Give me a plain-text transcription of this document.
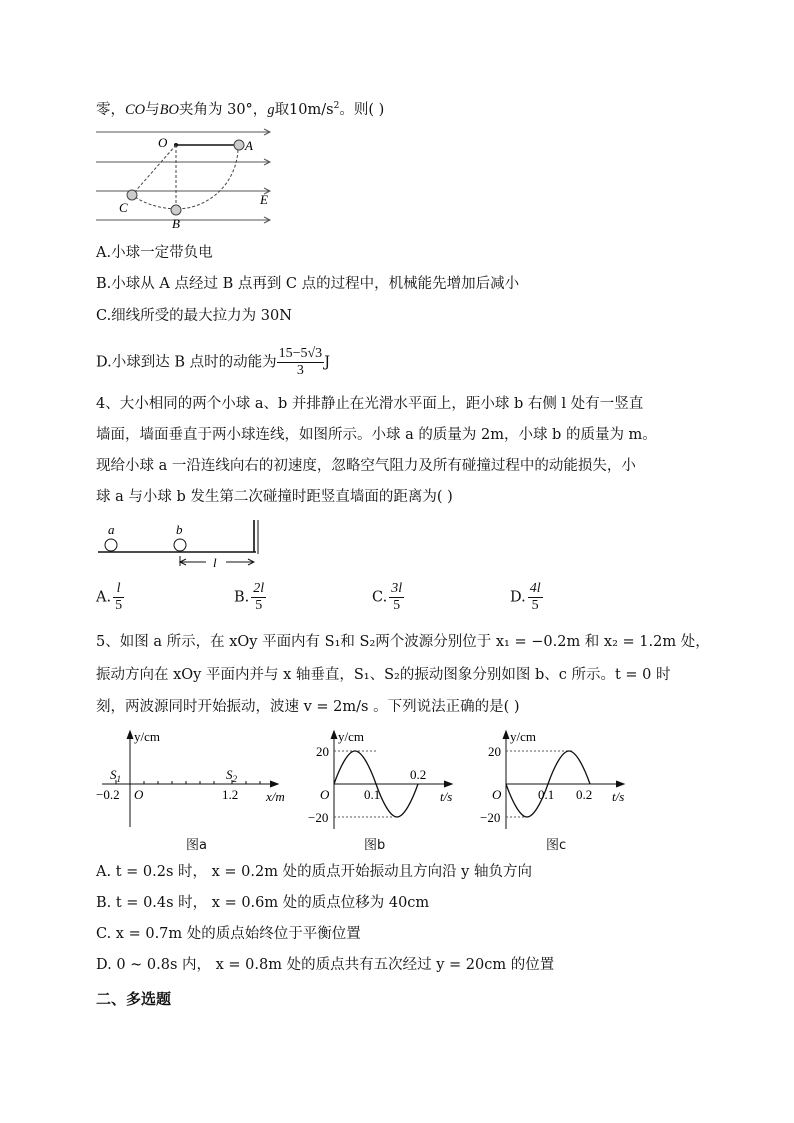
零，CO与BO夹角为 30°，g取$10m/s^2$。则( )
O	A
B
C
E
A.小球一定带负电
B.小球从 A 点经过 B 点再到 C 点的过程中，机械能先增加后减小
C.细线所受的最大拉力为 30N
D.小球到达 B 点时的动能为 $\frac{15-5√3}{3}$ J
4、大小相同的两个小球 a、b 并排静止在光滑水平面上，距小球 b 右侧 l 处有一竖直
墙面，墙面垂直于两小球连线，如图所示。小球 a 的质量为 2m，小球 b 的质量为 m。
现给小球 a 一沿连线向右的初速度，忽略空气阻力及所有碰撞过程中的动能损失，小
球 a 与小球 b 发生第二次碰撞时距竖直墙面的距离为( )
a	b
l
A. $\frac{l}{5}$	B. $\frac{2l}{5}$	C. $\frac{3l}{5}$	D. $\frac{4l}{5}$
5、如图 a 所示，在 xOy 平面内有 S₁和 S₂两个波源分别位于 x₁ = −0.2m 和 x₂ = 1.2m 处，
振动方向在 xOy 平面内并与 x 轴垂直，S₁、S₂的振动图象分别如图 b、c 所示。t = 0 时
刻，两波源同时开始振动，波速 v = 2m/s 。下列说法正确的是( )
y/cm
x/m
$S_1$	$S_2$
−0.2 O	1.2
图a
y/cm
t/s
20
−20
O	0.1
0.2
图b
y/cm
t/s
20
−20
O	0.1 0.2
图c
A. t = 0.2s 时， x = 0.2m 处的质点开始振动且方向沿 y 轴负方向
B. t = 0.4s 时， x = 0.6m 处的质点位移为 40cm
C. x = 0.7m 处的质点始终位于平衡位置
D. 0 ~ 0.8s 内， x = 0.8m 处的质点共有五次经过 y = 20cm 的位置
二、多选题
